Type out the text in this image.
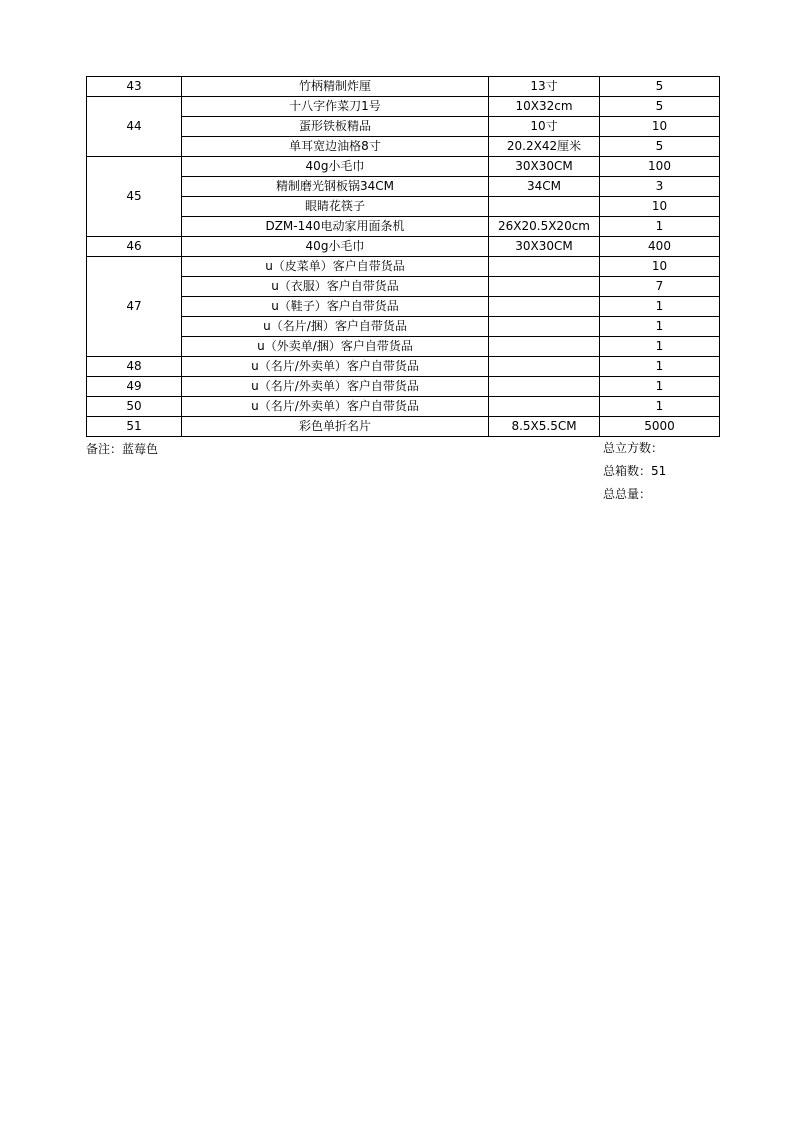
43	竹柄精制炸厘	13寸	5
44	十八字作菜刀1号	10X32cm	5
	蛋形铁板精品	10寸	10
	单耳宽边油格8寸	20.2X42厘米	5
45	40g小毛巾	30X30CM	100
	精制磨光钢板锅34CM	34CM	3
	眼睛花筷子		10
	DZM-140电动家用面条机	26X20.5X20cm	1
46	40g小毛巾	30X30CM	400
47	u（皮菜单）客户自带货品		10
	u（衣服）客户自带货品		7
	u（鞋子）客户自带货品		1
	u（名片/捆）客户自带货品		1
	u（外卖单/捆）客户自带货品		1
48	u（名片/外卖单）客户自带货品		1
49	u（名片/外卖单）客户自带货品		1
50	u（名片/外卖单）客户自带货品		1
51	彩色单折名片	8.5X5.5CM	5000
备注：蓝莓色	总立方数：
总箱数：51
总总量：
